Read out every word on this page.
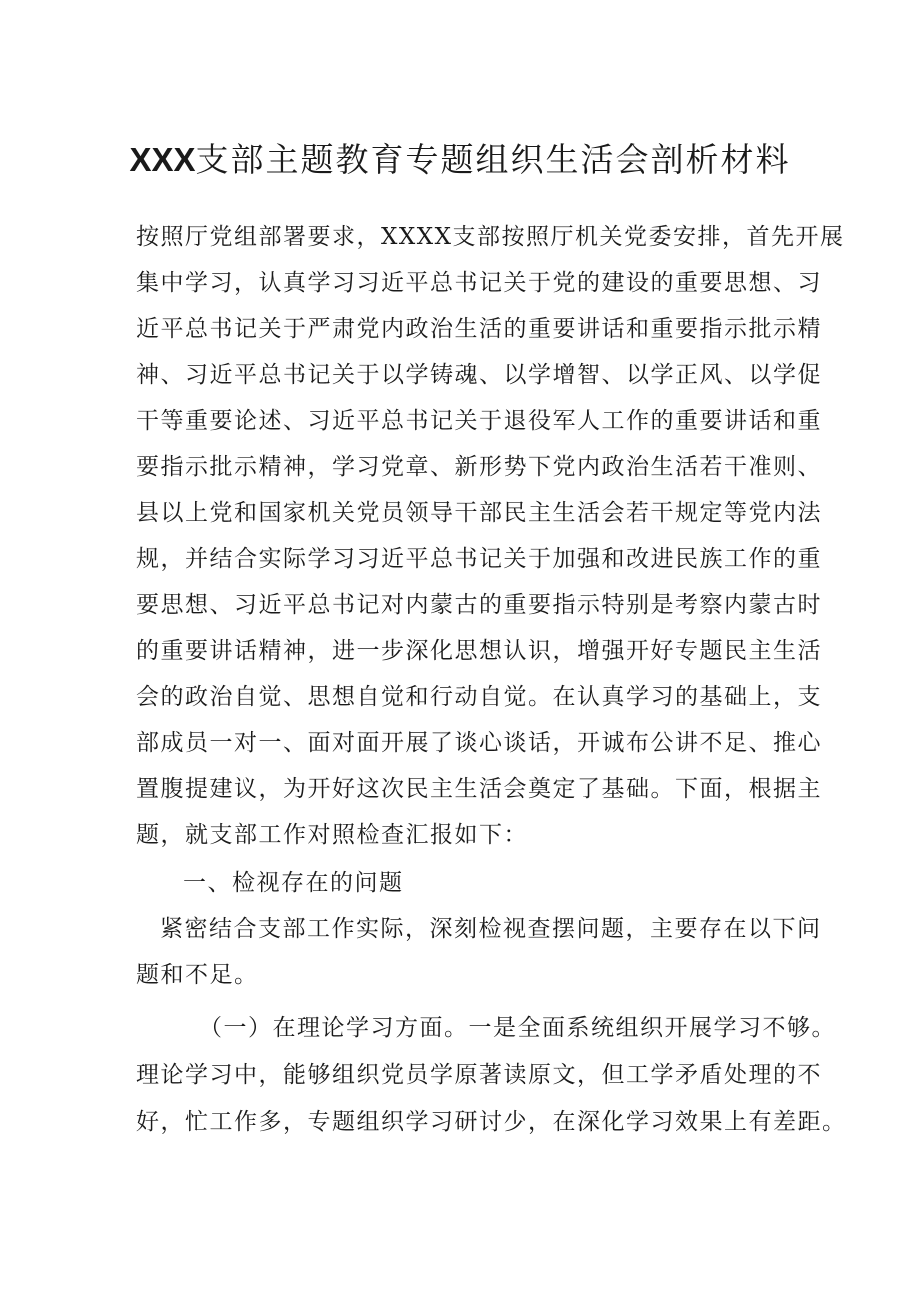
XXX支部主题教育专题组织生活会剖析材料
按照厅党组部署要求，XXXX支部按照厅机关党委安排，首先开展
集中学习，认真学习习近平总书记关于党的建设的重要思想、习
近平总书记关于严肃党内政治生活的重要讲话和重要指示批示精
神、习近平总书记关于以学铸魂、以学增智、以学正风、以学促
干等重要论述、习近平总书记关于退役军人工作的重要讲话和重
要指示批示精神，学习党章、新形势下党内政治生活若干准则、
县以上党和国家机关党员领导干部民主生活会若干规定等党内法
规，并结合实际学习习近平总书记关于加强和改进民族工作的重
要思想、习近平总书记对内蒙古的重要指示特别是考察内蒙古时
的重要讲话精神，进一步深化思想认识，增强开好专题民主生活
会的政治自觉、思想自觉和行动自觉。在认真学习的基础上，支
部成员一对一、面对面开展了谈心谈话，开诚布公讲不足、推心
置腹提建议，为开好这次民主生活会奠定了基础。下面，根据主
题，就支部工作对照检查汇报如下：
一、检视存在的问题
紧密结合支部工作实际，深刻检视查摆问题，主要存在以下问
题和不足。
（一）在理论学习方面。一是全面系统组织开展学习不够。
理论学习中，能够组织党员学原著读原文，但工学矛盾处理的不
好，忙工作多，专题组织学习研讨少，在深化学习效果上有差距。
